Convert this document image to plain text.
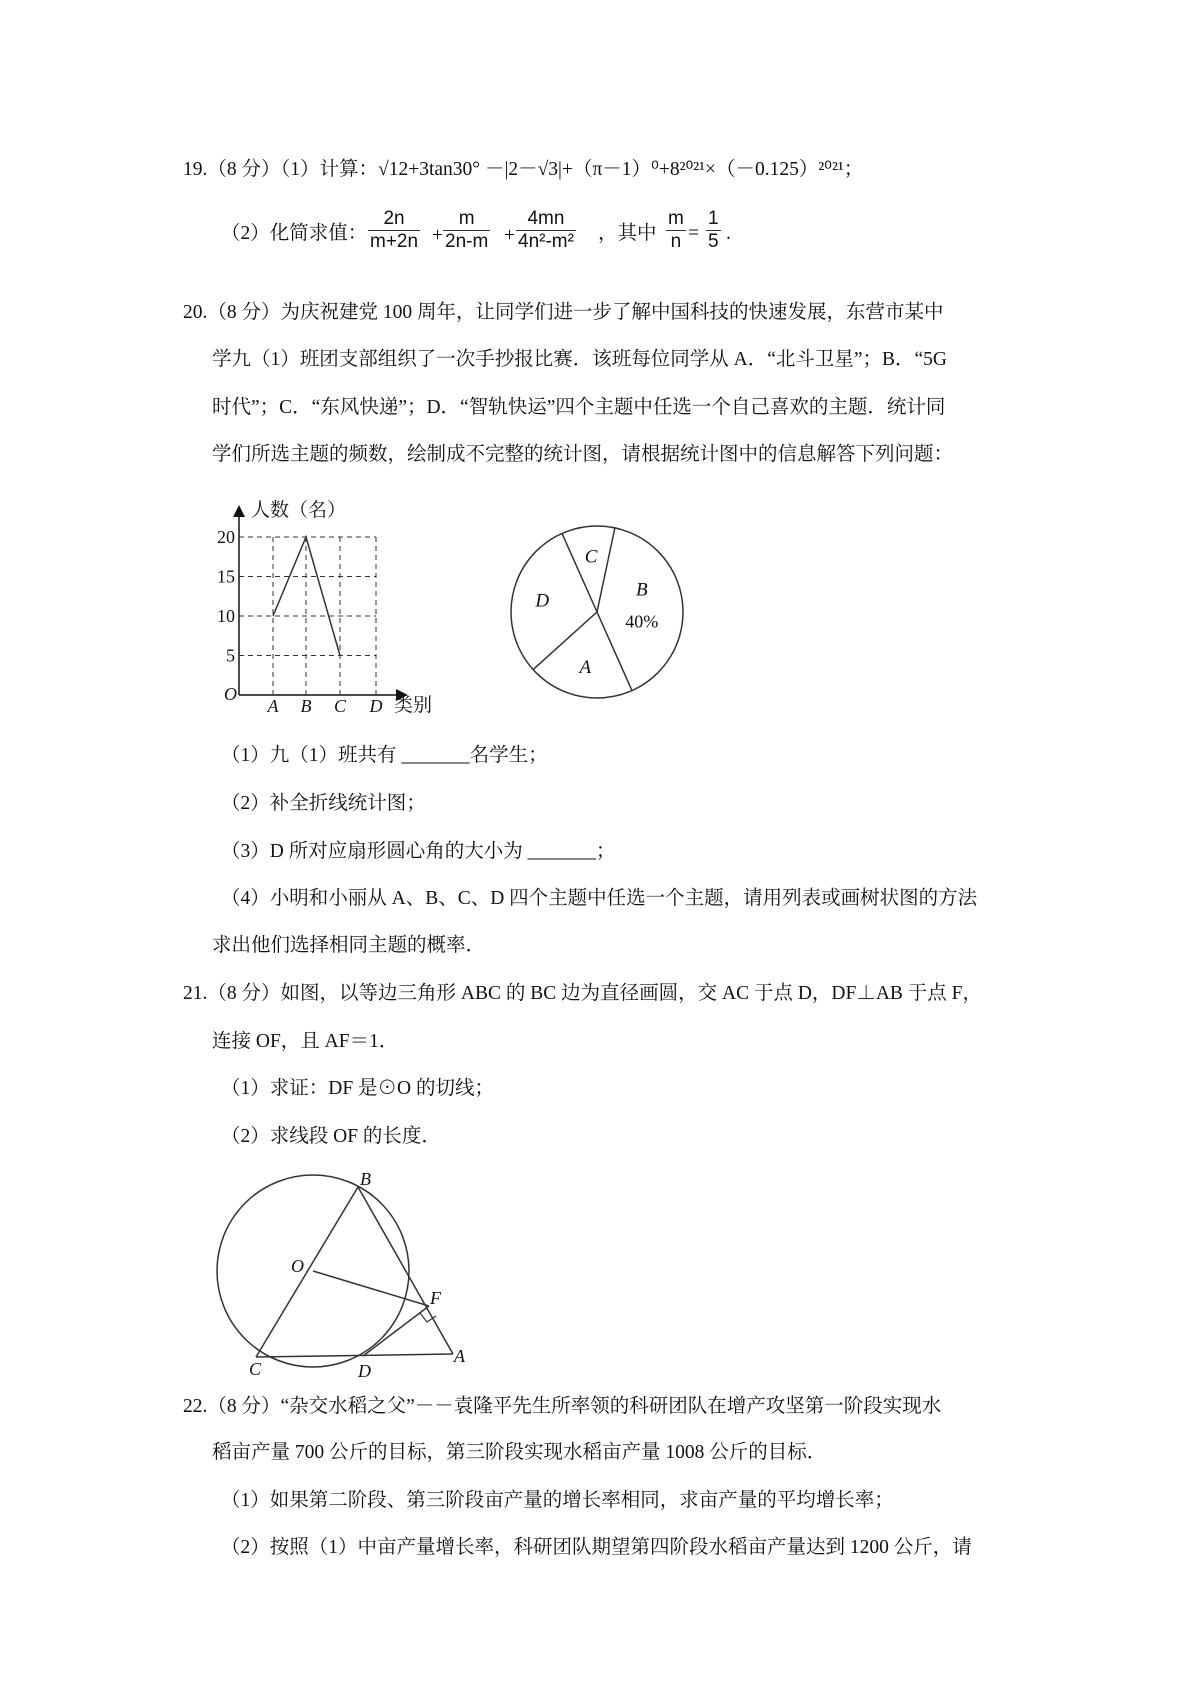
19.（8 分）（1）计算：√12+3tan30° －|2－√3|+（π－1）⁰+8²⁰²¹×（－0.125）²⁰²¹；
（2）化简求值： $\frac{2n}{m+2n} + \frac{m}{2n-m} + \frac{4mn}{\text{4n²-m²}}$ ，其中 $\frac{m}{n} = \frac{1}{5}$ .
20.（8 分）为庆祝建党 100 周年，让同学们进一步了解中国科技的快速发展，东营市某中
学九（1）班团支部组织了一次手抄报比赛．该班每位同学从 A．“北斗卫星”；B．“5G
时代”；C．“东风快递”；D．“智轨快运”四个主题中任选一个自己喜欢的主题．统计同
学们所选主题的频数，绘制成不完整的统计图，请根据统计图中的信息解答下列问题：
人数（名）
类别
O
5
10
15
20
A B C D
C
B
40%
A
D
B
O
F
C	D
A
（1）九（1）班共有 _______名学生；
（2）补全折线统计图；
（3）D 所对应扇形圆心角的大小为 _______；
（4）小明和小丽从 A、B、C、D 四个主题中任选一个主题，请用列表或画树状图的方法
求出他们选择相同主题的概率．
21.（8 分）如图，以等边三角形 ABC 的 BC 边为直径画圆，交 AC 于点 D，DF⊥AB 于点 F，
连接 OF，且 AF＝1．
（1）求证：DF 是⊙O 的切线；
（2）求线段 OF 的长度．
22.（8 分）“杂交水稻之父”－－袁隆平先生所率领的科研团队在增产攻坚第一阶段实现水
稻亩产量 700 公斤的目标，第三阶段实现水稻亩产量 1008 公斤的目标．
（1）如果第二阶段、第三阶段亩产量的增长率相同，求亩产量的平均增长率；
（2）按照（1）中亩产量增长率，科研团队期望第四阶段水稻亩产量达到 1200 公斤，请
